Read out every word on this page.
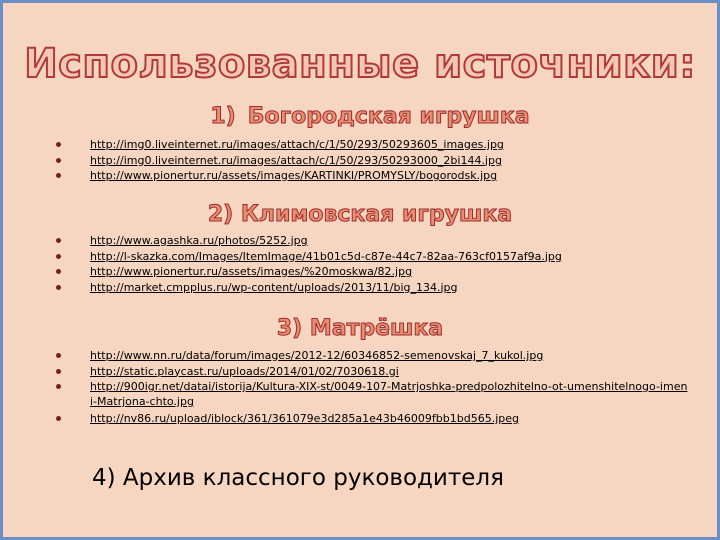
Использованные источники:
1) Богородская игрушка
http://img0.liveinternet.ru/images/attach/c/1/50/293/50293605_images.jpg
http://img0.liveinternet.ru/images/attach/c/1/50/293/50293000_2bi144.jpg
http://www.pionertur.ru/assets/images/KARTINKI/PROMYSLY/bogorodsk.jpg
2) Климовская игрушка
http://www.agashka.ru/photos/5252.jpg
http://l-skazka.com/Images/ItemImage/41b01c5d-c87e-44c7-82aa-763cf0157af9a.jpg
http://www.pionertur.ru/assets/images/%20moskwa/82.jpg
http://market.cmpplus.ru/wp-content/uploads/2013/11/big_134.jpg
3) Матрёшка
http://www.nn.ru/data/forum/images/2012-12/60346852-semenovskaj_7_kukol.jpg
http://static.playcast.ru/uploads/2014/01/02/7030618.gi
http://900igr.net/datai/istorija/Kultura-XIX-st/0049-107-Matrjoshka-predpolozhitelno-ot-umenshitelnogo-imeni-Matrjona-chto.jpg
http://nv86.ru/upload/iblock/361/361079e3d285a1e43b46009fbb1bd565.jpeg
4) Архив классного руководителя
